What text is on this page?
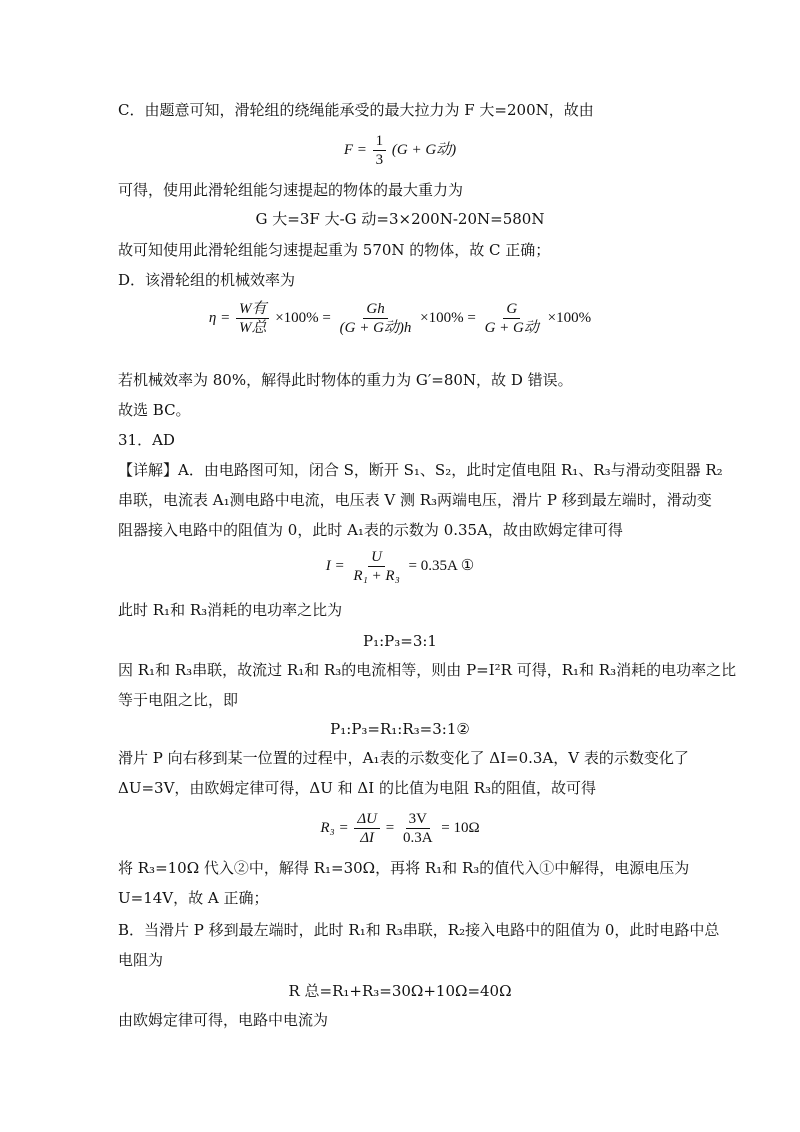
C．由题意可知，滑轮组的绕绳能承受的最大拉力为 F 大=200N，故由
$F = \frac{1}{3} (G + G$动)
可得，使用此滑轮组能匀速提起的物体的最大重力为
G 大=3F 大-G 动=3×200N-20N=580N
故可知使用此滑轮组能匀速提起重为 570N 的物体，故 C 正确；
D．该滑轮组的机械效率为
$\eta = \frac{\text{W有}}{\text{W总}} \times 100\% = \frac{Gh}{\text{(G + G动)h}} \times 100\% = \frac{G}{\text{G + G动}} \times 100\%$
若机械效率为 80%，解得此时物体的重力为 G′=80N，故 D 错误。
故选 BC。
31．AD
【详解】A．由电路图可知，闭合 S，断开 S₁、S₂，此时定值电阻 R₁、R₃与滑动变阻器 R₂
串联，电流表 A₁测电路中电流，电压表 V 测 R₃两端电压，滑片 P 移到最左端时，滑动变
阻器接入电路中的阻值为 0，此时 A₁表的示数为 0.35A，故由欧姆定律可得
$I = \frac{U}{\text{R₁ + R₃}} = 0.35A$ ①
此时 R₁和 R₃消耗的电功率之比为
P₁:P₃=3:1
因 R₁和 R₃串联，故流过 R₁和 R₃的电流相等，则由 P=I²R 可得，R₁和 R₃消耗的电功率之比
等于电阻之比，即
P₁:P₃=R₁:R₃=3:1②
滑片 P 向右移到某一位置的过程中，A₁表的示数变化了 ΔI=0.3A，V 表的示数变化了
ΔU=3V，由欧姆定律可得，ΔU 和 ΔI 的比值为电阻 R₃的阻值，故可得
$R_3 = \frac{\Delta U}{\Delta I} = \frac{3V}{0.3A} = 10\Omega$
将 R₃=10Ω 代入②中，解得 R₁=30Ω，再将 R₁和 R₃的值代入①中解得，电源电压为
U=14V，故 A 正确；
B．当滑片 P 移到最左端时，此时 R₁和 R₃串联，R₂接入电路中的阻值为 0，此时电路中总
电阻为
R 总=R₁+R₃=30Ω+10Ω=40Ω
由欧姆定律可得，电路中电流为
